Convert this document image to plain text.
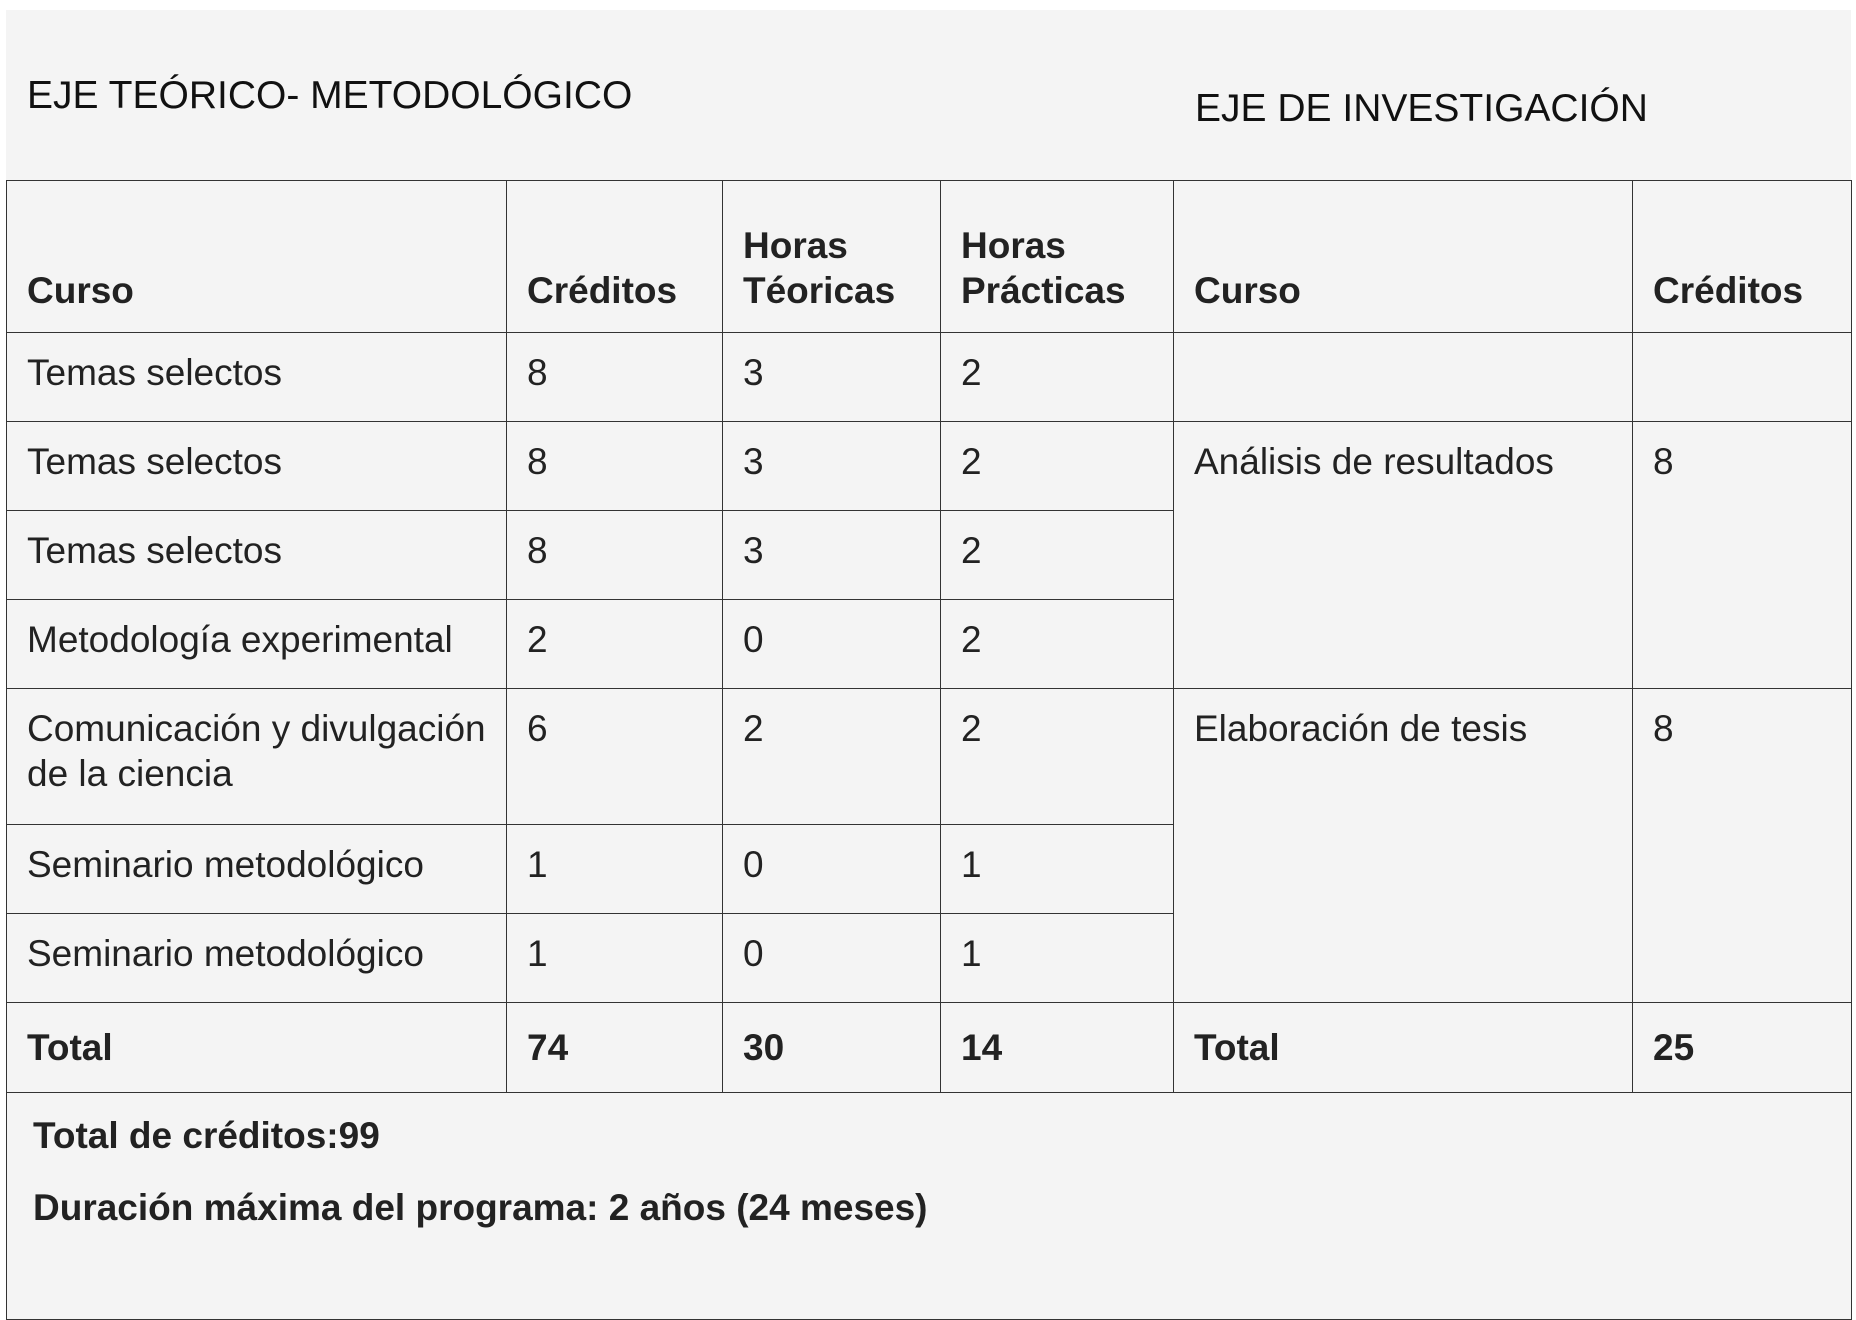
EJE TEÓRICO- METODOLÓGICO	EJE DE INVESTIGACIÓN
Curso	Créditos	Horas Téoricas	Horas Prácticas	Curso	Créditos
Temas selectos	8	3	2		
Temas selectos	8	3	2	Análisis de resultados	8
Temas selectos	8	3	2		
Metodología experimental	2	0	2		
Comunicación y divulgación de la ciencia	6	2	2	Elaboración de tesis	8
Seminario metodológico	1	0	1		
Seminario metodológico	1	0	1		
Total	74	30	14	Total	25

Total de créditos:99
Duración máxima del programa: 2 años (24 meses)					
